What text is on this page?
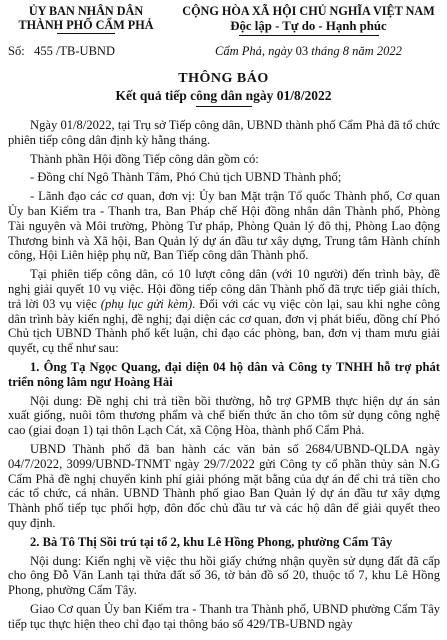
ỦY BAN NHÂN DÂN
THÀNH PHỐ CẨM PHẢ
CỘNG HÒA XÃ HỘI CHỦ NGHĨA VIỆT NAM
Độc lập - Tự do - Hạnh phúc
Số: 455 /TB-UBND	Cẩm Phả, ngày 03 tháng 8 năm 2022
THÔNG BÁO
Kết quả tiếp công dân ngày 01/8/2022

Ngày 01/8/2022, tại Trụ sở Tiếp công dân, UBND thành phố Cẩm Phả đã tổ chức phiên tiếp công dân định kỳ hằng tháng.

Thành phần Hội đồng Tiếp công dân gồm có:

- Đồng chí Ngô Thành Tâm, Phó Chủ tịch UBND Thành phố;

- Lãnh đạo các cơ quan, đơn vị: Ủy ban Mặt trận Tổ quốc Thành phố, Cơ quan Ủy ban Kiểm tra - Thanh tra, Ban Pháp chế Hội đồng nhân dân Thành phố, Phòng Tài nguyên và Môi trường, Phòng Tư pháp, Phòng Quản lý đô thị, Phòng Lao động Thương binh và Xã hội, Ban Quản lý dự án đầu tư xây dựng, Trung tâm Hành chính công, Hội Liên hiệp phụ nữ, Ban Tiếp công dân Thành phố.

Tại phiên tiếp công dân, có 10 lượt công dân (với 10 người) đến trình bày, đề nghị giải quyết 10 vụ việc. Hội đồng tiếp công dân Thành phố đã trực tiếp giải thích, trả lời 03 vụ việc (phụ lục gửi kèm). Đối với các vụ việc còn lại, sau khi nghe công dân trình bày kiến nghị, đề nghị; đại diện các cơ quan, đơn vị phát biểu, đồng chí Phó Chủ tịch UBND Thành phố kết luận, chỉ đạo các phòng, ban, đơn vị tham mưu giải quyết, cụ thể như sau:

1. Ông Tạ Ngọc Quang, đại diện 04 hộ dân và Công ty TNHH hỗ trợ phát triển nông lâm ngư Hoàng Hải

Nội dung: Đề nghị chi trả tiền bồi thường, hỗ trợ GPMB thực hiện dự án sản xuất giống, nuôi tôm thương phẩm và chế biến thức ăn cho tôm sử dụng công nghệ cao (giai đoạn 1) tại thôn Lạch Cát, xã Cộng Hòa, thành phố Cẩm Phả.

UBND Thành phố đã ban hành các văn bản số 2684/UBND-QLDA ngày 04/7/2022, 3099/UBND-TNMT ngày 29/7/2022 gửi Công ty cổ phần thủy sản N.G Cẩm Phả đề nghị chuyển kinh phí giải phóng mặt bằng của dự án để chi trả tiền cho các tổ chức, cá nhân. UBND Thành phố giao Ban Quản lý dự án đầu tư xây dựng Thành phố tiếp tục phối hợp, đôn đốc chủ đầu tư và các hộ dân để giải quyết theo quy định.

2. Bà Tô Thị Sồi trú tại tổ 2, khu Lê Hồng Phong, phường Cẩm Tây

Nội dung: Kiến nghị về việc thu hồi giấy chứng nhận quyền sử dụng đất đã cấp cho ông Đỗ Văn Lanh tại thửa đất số 36, tờ bản đồ số 20, thuộc tổ 7, khu Lê Hồng Phong, phường Cẩm Tây.

Giao Cơ quan Ủy ban Kiểm tra - Thanh tra Thành phố, UBND phường Cẩm Tây tiếp tục thực hiện theo chỉ đạo tại thông báo số 429/TB-UBND ngày
